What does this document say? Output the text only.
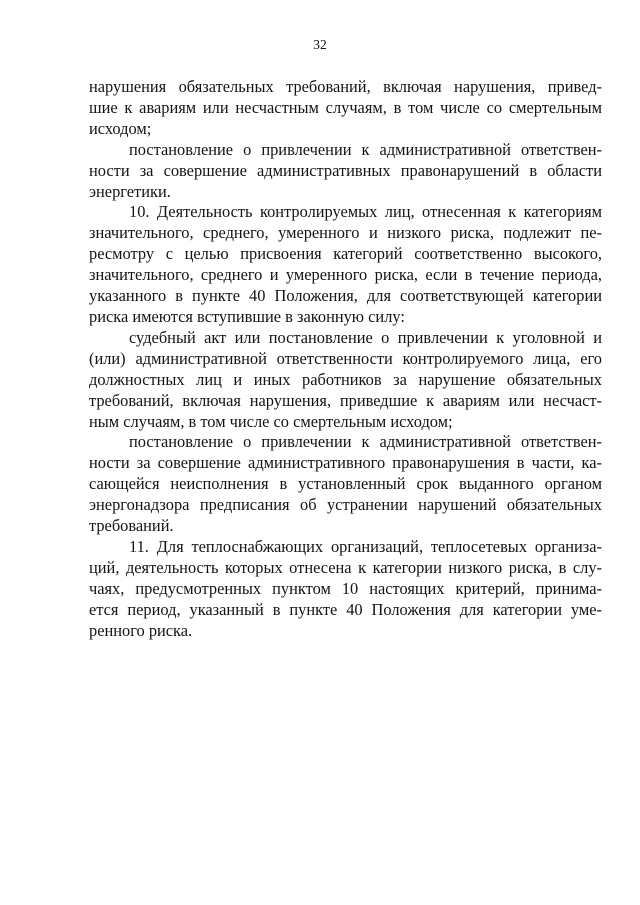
32

нарушения обязательных требований, включая нарушения, привед-
шие к авариям или несчастным случаям, в том числе со смертельным
исходом;

постановление о привлечении к административной ответствен-
ности за совершение административных правонарушений в области
энергетики.

10. Деятельность контролируемых лиц, отнесенная к категориям
значительного, среднего, умеренного и низкого риска, подлежит пе-
ресмотру с целью присвоения категорий соответственно высокого,
значительного, среднего и умеренного риска, если в течение периода,
указанного в пункте 40 Положения, для соответствующей категории
риска имеются вступившие в законную силу:

судебный акт или постановление о привлечении к уголовной и
(или) административной ответственности контролируемого лица, его
должностных лиц и иных работников за нарушение обязательных
требований, включая нарушения, приведшие к авариям или несчаст-
ным случаям, в том числе со смертельным исходом;

постановление о привлечении к административной ответствен-
ности за совершение административного правонарушения в части, ка-
сающейся неисполнения в установленный срок выданного органом
энергонадзора предписания об устранении нарушений обязательных
требований.

11. Для теплоснабжающих организаций, теплосетевых организа-
ций, деятельность которых отнесена к категории низкого риска, в слу-
чаях, предусмотренных пунктом 10 настоящих критерий, принима-
ется период, указанный в пункте 40 Положения для категории уме-
ренного риска.
